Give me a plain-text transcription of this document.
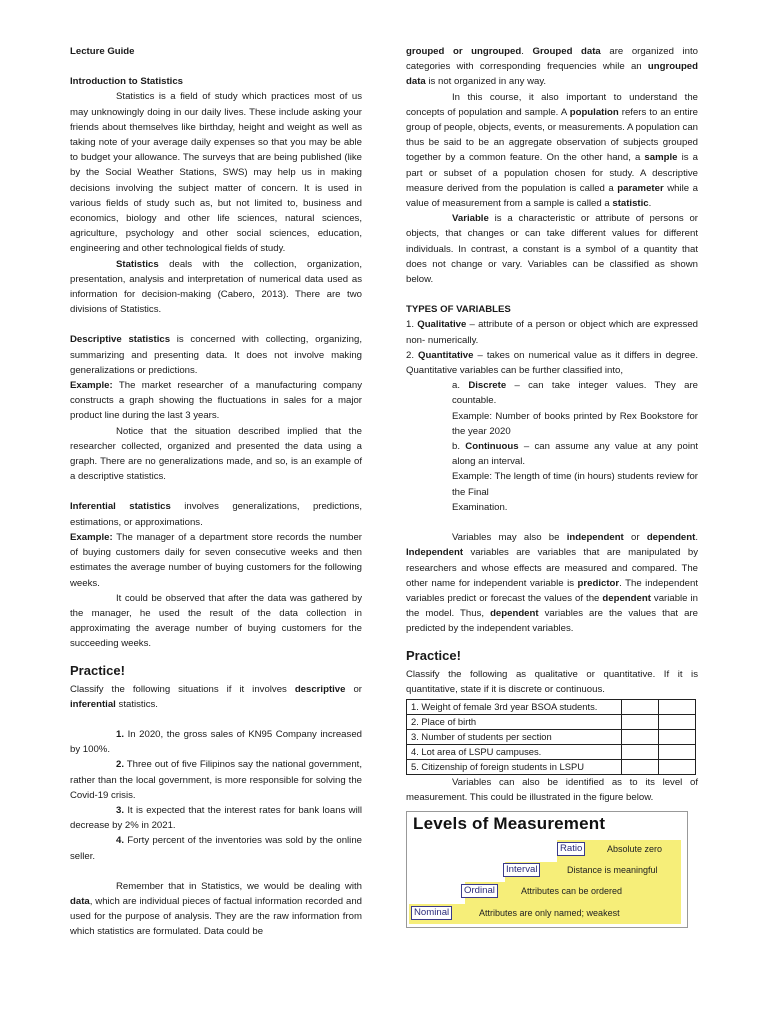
Lecture Guide

Introduction to Statistics

Statistics is a field of study which practices most of us may unknowingly doing in our daily lives. These include asking your friends about themselves like birthday, height and weight as well as taking note of your average daily expenses so that you may be able to budget your allowance. The surveys that are being published (like by the Social Weather Stations, SWS) may help us in making decisions involving the subject matter of concern. It is used in various fields of study such as, but not limited to, business and economics, biology and other life sciences, natural sciences, agriculture, psychology and other social sciences, education, engineering and other technological fields of study.

Statistics deals with the collection, organization, presentation, analysis and interpretation of numerical data used as information for decision-making (Cabero, 2013). There are two divisions of Statistics.

Descriptive statistics is concerned with collecting, organizing, summarizing and presenting data. It does not involve making generalizations or predictions.

Example: The market researcher of a manufacturing company constructs a graph showing the fluctuations in sales for a major product line during the last 3 years.

Notice that the situation described implied that the researcher collected, organized and presented the data using a graph. There are no generalizations made, and so, is an example of a descriptive statistics.

Inferential statistics involves generalizations, predictions, estimations, or approximations.

Example: The manager of a department store records the number of buying customers daily for seven consecutive weeks and then estimates the average number of buying customers for the following weeks.

It could be observed that after the data was gathered by the manager, he used the result of the data collection in approximating the average number of buying customers for the succeeding weeks.

Practice!

Classify the following situations if it involves descriptive or inferential statistics.

1. In 2020, the gross sales of KN95 Company increased by 100%.

2. Three out of five Filipinos say the national government, rather than the local government, is more responsible for solving the Covid-19 crisis.

3. It is expected that the interest rates for bank loans will decrease by 2% in 2021.

4. Forty percent of the inventories was sold by the online seller.

Remember that in Statistics, we would be dealing with data, which are individual pieces of factual information recorded and used for the purpose of analysis. They are the raw information from which statistics are formulated. Data could be

grouped or ungrouped. Grouped data are organized into categories with corresponding frequencies while an ungrouped data is not organized in any way.

In this course, it also important to understand the concepts of population and sample. A population refers to an entire group of people, objects, events, or measurements. A population can thus be said to be an aggregate observation of subjects grouped together by a common feature. On the other hand, a sample is a part or subset of a population chosen for study. A descriptive measure derived from the population is called a parameter while a value of measurement from a sample is called a statistic.

Variable is a characteristic or attribute of persons or objects, that changes or can take different values for different individuals. In contrast, a constant is a symbol of a quantity that does not change or vary. Variables can be classified as shown below.

TYPES OF VARIABLES

1. Qualitative – attribute of a person or object which are expressed non- numerically.

2. Quantitative – takes on numerical value as it differs in degree. Quantitative variables can be further classified into,

a. Discrete – can take integer values. They are countable.

Example: Number of books printed by Rex Bookstore for the year 2020

b. Continuous – can assume any value at any point along an interval.

Example: The length of time (in hours) students review for the Final

Examination.

Variables may also be independent or dependent. Independent variables are variables that are manipulated by researchers and whose effects are measured and compared. The other name for independent variable is predictor. The independent variables predict or forecast the values of the dependent variable in the model. Thus, dependent variables are the values that are predicted by the independent variables.

Practice!

Classify the following as qualitative or quantitative. If it is quantitative, state if it is discrete or continuous.

1. Weight of female 3rd year BSOA students.		
2. Place of birth		
3. Number of students per section		
4. Lot area of LSPU campuses.		
5. Citizenship of foreign students in LSPU		

Variables can also be identified as to its level of measurement. This could be illustrated in the figure below.

Levels of Measurement
Ratio	Absolute zero
Interval	Distance is meaningful
Ordinal	Attributes can be ordered
Nominal	Attributes are only named; weakest
